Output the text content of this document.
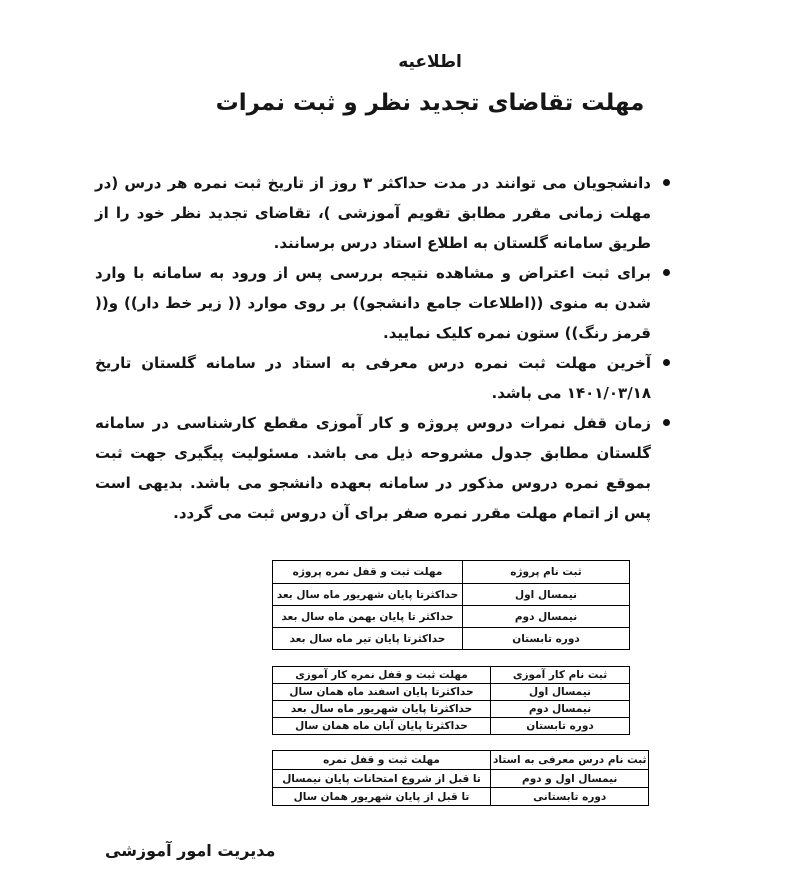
اطلاعیه
مهلت تقاضای تجدید نظر و ثبت نمرات
دانشجویان می توانند در مدت حداکثر ۳ روز از تاریخ ثبت نمره هر درس (در مهلت زمانی مقرر مطابق تقویم آموزشی )، تقاضای تجدید نظر خود را از طریق سامانه گلستان به اطلاع استاد درس برسانند.
برای ثبت اعتراض و مشاهده نتیجه بررسی پس از ورود به سامانه با وارد شدن به منوی ((اطلاعات جامع دانشجو)) بر روی موارد (( زیر خط دار)) و(( قرمز رنگ)) ستون نمره کلیک نمایید.
آخرین مهلت ثبت نمره درس معرفی به استاد در سامانه گلستان تاریخ ۱۴۰۱/۰۳/۱۸ می باشد.
زمان قفل نمرات دروس پروژه و کار آموزی مقطع کارشناسی در سامانه گلستان مطابق جدول مشروحه ذیل می باشد. مسئولیت پیگیری جهت ثبت بموقع نمره دروس مذکور در سامانه بعهده دانشجو می باشد. بدیهی است پس از اتمام مهلت مقرر نمره صفر برای آن دروس ثبت می گردد.
ثبت نام پروژه	مهلت ثبت و قفل نمره پروژه
نیمسال اول	حداکثرتا پایان شهریور ماه سال بعد
نیمسال دوم	حداکثر تا پایان بهمن ماه سال بعد
دوره تابستان	حداکثرتا پایان تیر ماه سال بعد
ثبت نام کار آموزی	مهلت ثبت و قفل نمره کار آموزی
نیمسال اول	حداکثرتا پایان اسفند ماه همان سال
نیمسال دوم	حداکثرتا پایان شهریور ماه سال بعد
دوره تابستان	حداکثرتا پایان آبان ماه همان سال
ثبت نام درس معرفی به استاد	مهلت ثبت و قفل نمره
نیمسال اول و دوم	تا قبل از شروع امتحانات پایان نیمسال
دوره تابستانی	تا قبل از پایان شهریور همان سال
مدیریت امور آموزشی
